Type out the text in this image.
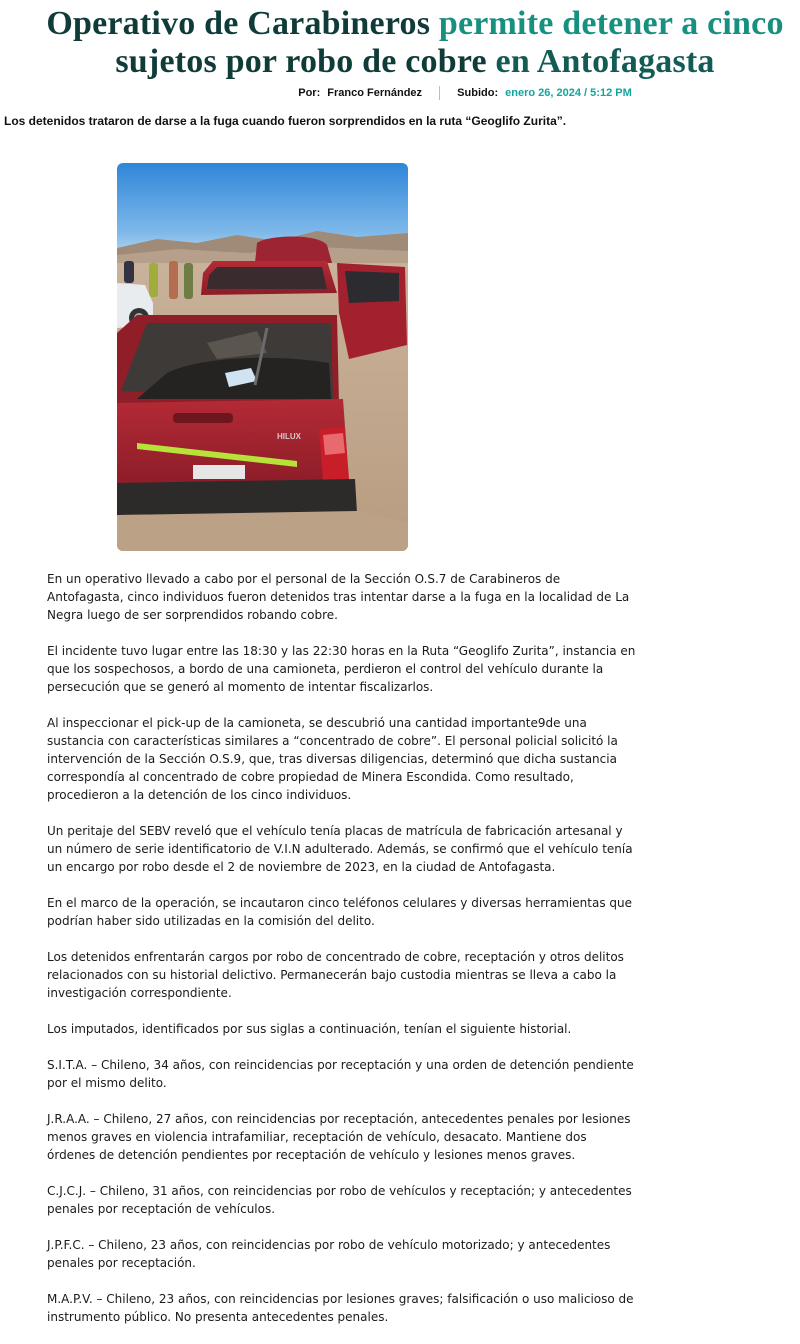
Operativo de Carabineros permite detener a cinco
sujetos por robo de cobre en Antofagasta
Por: Franco Fernández	Subido: enero 26, 2024 / 5:12 PM

Los detenidos trataron de darse a la fuga cuando fueron sorprendidos en la ruta “Geoglifo Zurita”.

HILUX

En un operativo llevado a cabo por el personal de la Sección O.S.7 de Carabineros de Antofagasta, cinco individuos fueron detenidos tras intentar darse a la fuga en la localidad de La Negra luego de ser sorprendidos robando cobre.

El incidente tuvo lugar entre las 18:30 y las 22:30 horas en la Ruta “Geoglifo Zurita”, instancia en que los sospechosos, a bordo de una camioneta, perdieron el control del vehículo durante la persecución que se generó al momento de intentar fiscalizarlos.

Al inspeccionar el pick-up de la camioneta, se descubrió una cantidad importante9de una sustancia con características similares a “concentrado de cobre”. El personal policial solicitó la intervención de la Sección O.S.9, que, tras diversas diligencias, determinó que dicha sustancia correspondía al concentrado de cobre propiedad de Minera Escondida. Como resultado, procedieron a la detención de los cinco individuos.

Un peritaje del SEBV reveló que el vehículo tenía placas de matrícula de fabricación artesanal y un número de serie identificatorio de V.I.N adulterado. Además, se confirmó que el vehículo tenía un encargo por robo desde el 2 de noviembre de 2023, en la ciudad de Antofagasta.

En el marco de la operación, se incautaron cinco teléfonos celulares y diversas herramientas que podrían haber sido utilizadas en la comisión del delito.

Los detenidos enfrentarán cargos por robo de concentrado de cobre, receptación y otros delitos relacionados con su historial delictivo. Permanecerán bajo custodia mientras se lleva a cabo la investigación correspondiente.

Los imputados, identificados por sus siglas a continuación, tenían el siguiente historial.

S.I.T.A. – Chileno, 34 años, con reincidencias por receptación y una orden de detención pendiente por el mismo delito.

J.R.A.A. – Chileno, 27 años, con reincidencias por receptación, antecedentes penales por lesiones menos graves en violencia intrafamiliar, receptación de vehículo, desacato. Mantiene dos órdenes de detención pendientes por receptación de vehículo y lesiones menos graves.

C.J.C.J. – Chileno, 31 años, con reincidencias por robo de vehículos y receptación; y antecedentes penales por receptación de vehículos.

J.P.F.C. – Chileno, 23 años, con reincidencias por robo de vehículo motorizado; y antecedentes penales por receptación.

M.A.P.V. – Chileno, 23 años, con reincidencias por lesiones graves; falsificación o uso malicioso de instrumento público. No presenta antecedentes penales.
